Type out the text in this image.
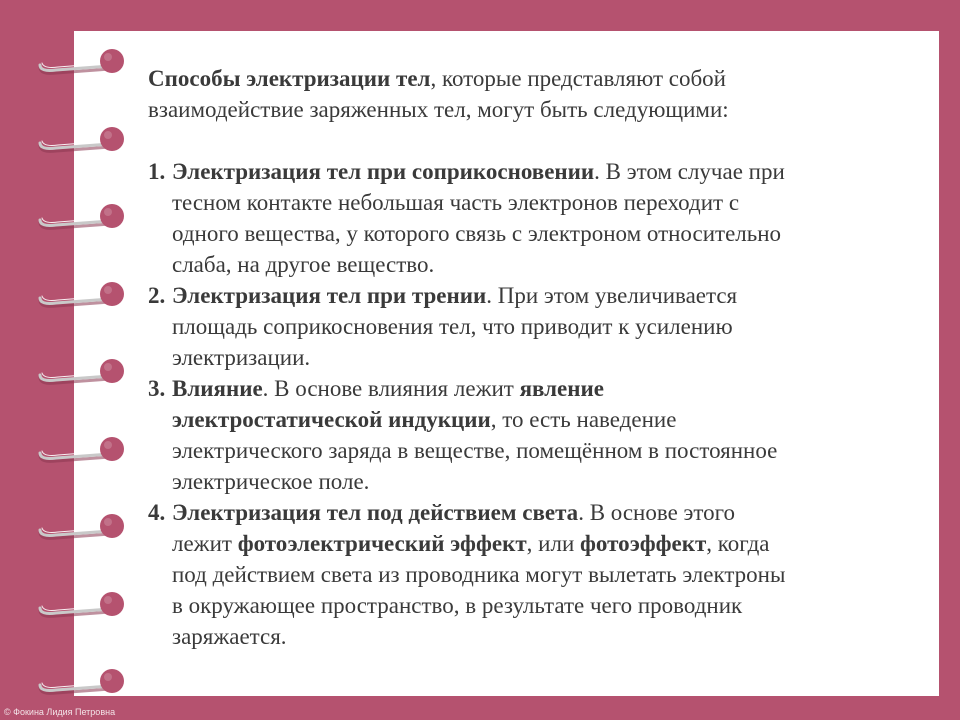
Способы электризации тел, которые представляют собой
взаимодействие заряженных тел, могут быть следующими:

1. Электризация тел при соприкосновении. В этом случае при
тесном контакте небольшая часть электронов переходит с
одного вещества, у которого связь с электроном относительно
слаба, на другое вещество.
2. Электризация тел при трении. При этом увеличивается
площадь соприкосновения тел, что приводит к усилению
электризации.
3. Влияние. В основе влияния лежит явление
электростатической индукции, то есть наведение
электрического заряда в веществе, помещённом в постоянное
электрическое поле.
4. Электризация тел под действием света. В основе этого
лежит фотоэлектрический эффект, или фотоэффект, когда
под действием света из проводника могут вылетать электроны
в окружающее пространство, в результате чего проводник
заряжается.
© Фокина Лидия Петровна
